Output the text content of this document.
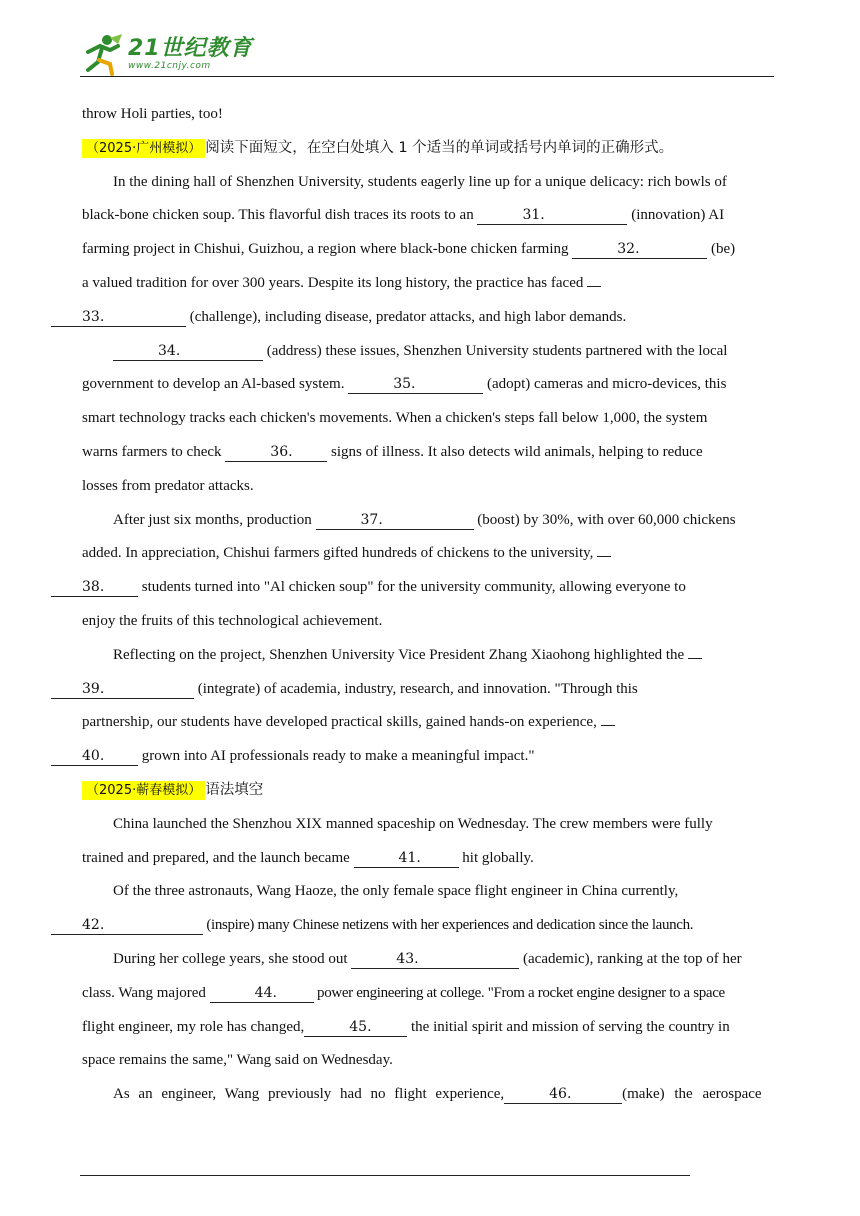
21世纪教育
www.21cnjy.com

throw Holi parties, too!

（2025·广州模拟） 阅读下面短文，在空白处填入 1 个适当的单词或括号内单词的正确形式。

In the dining hall of Shenzhen University, students eagerly line up for a unique delicacy: rich bowls of
black-bone chicken soup. This flavorful dish traces its roots to an	31.	(innovation) AI
farming project in Chishui, Guizhou, a region where black-bone chicken farming	32.	(be)
a valued tradition for over 300 years. Despite its long history, the practice has faced
33.	(challenge), including disease, predator attacks, and high labor demands.

34.	(address) these issues, Shenzhen University students partnered with the local
government to develop an Al-based system.	35.	(adopt) cameras and micro-devices, this
smart technology tracks each chicken's movements. When a chicken's steps fall below 1,000, the system
warns farmers to check	36. signs of illness. It also detects wild animals, helping to reduce
losses from predator attacks.

After just six months, production	37.	(boost) by 30%, with over 60,000 chickens
added. In appreciation, Chishui farmers gifted hundreds of chickens to the university,
38. students turned into "Al chicken soup" for the university community, allowing everyone to
enjoy the fruits of this technological achievement.

Reflecting on the project, Shenzhen University Vice President Zhang Xiaohong highlighted the
39.	(integrate) of academia, industry, research, and innovation. "Through this
partnership, our students have developed practical skills, gained hands-on experience,
40. grown into AI professionals ready to make a meaningful impact."

（2025·蕲春模拟） 语法填空

China launched the Shenzhou XIX manned spaceship on Wednesday. The crew members were fully
trained and prepared, and the launch became	41.	hit globally.

Of the three astronauts, Wang Haoze, the only female space flight engineer in China currently,
42.	(inspire) many Chinese netizens with her experiences and dedication since the launch.

During her college years, she stood out	43.	(academic), ranking at the top of her
class. Wang majored	44. power engineering at college. "From a rocket engine designer to a space
flight engineer, my role has changed,	45. the initial spirit and mission of serving the country in
space remains the same," Wang said on Wednesday.

As an engineer, Wang previously had no flight experience,	46.	(make) the aerospace
